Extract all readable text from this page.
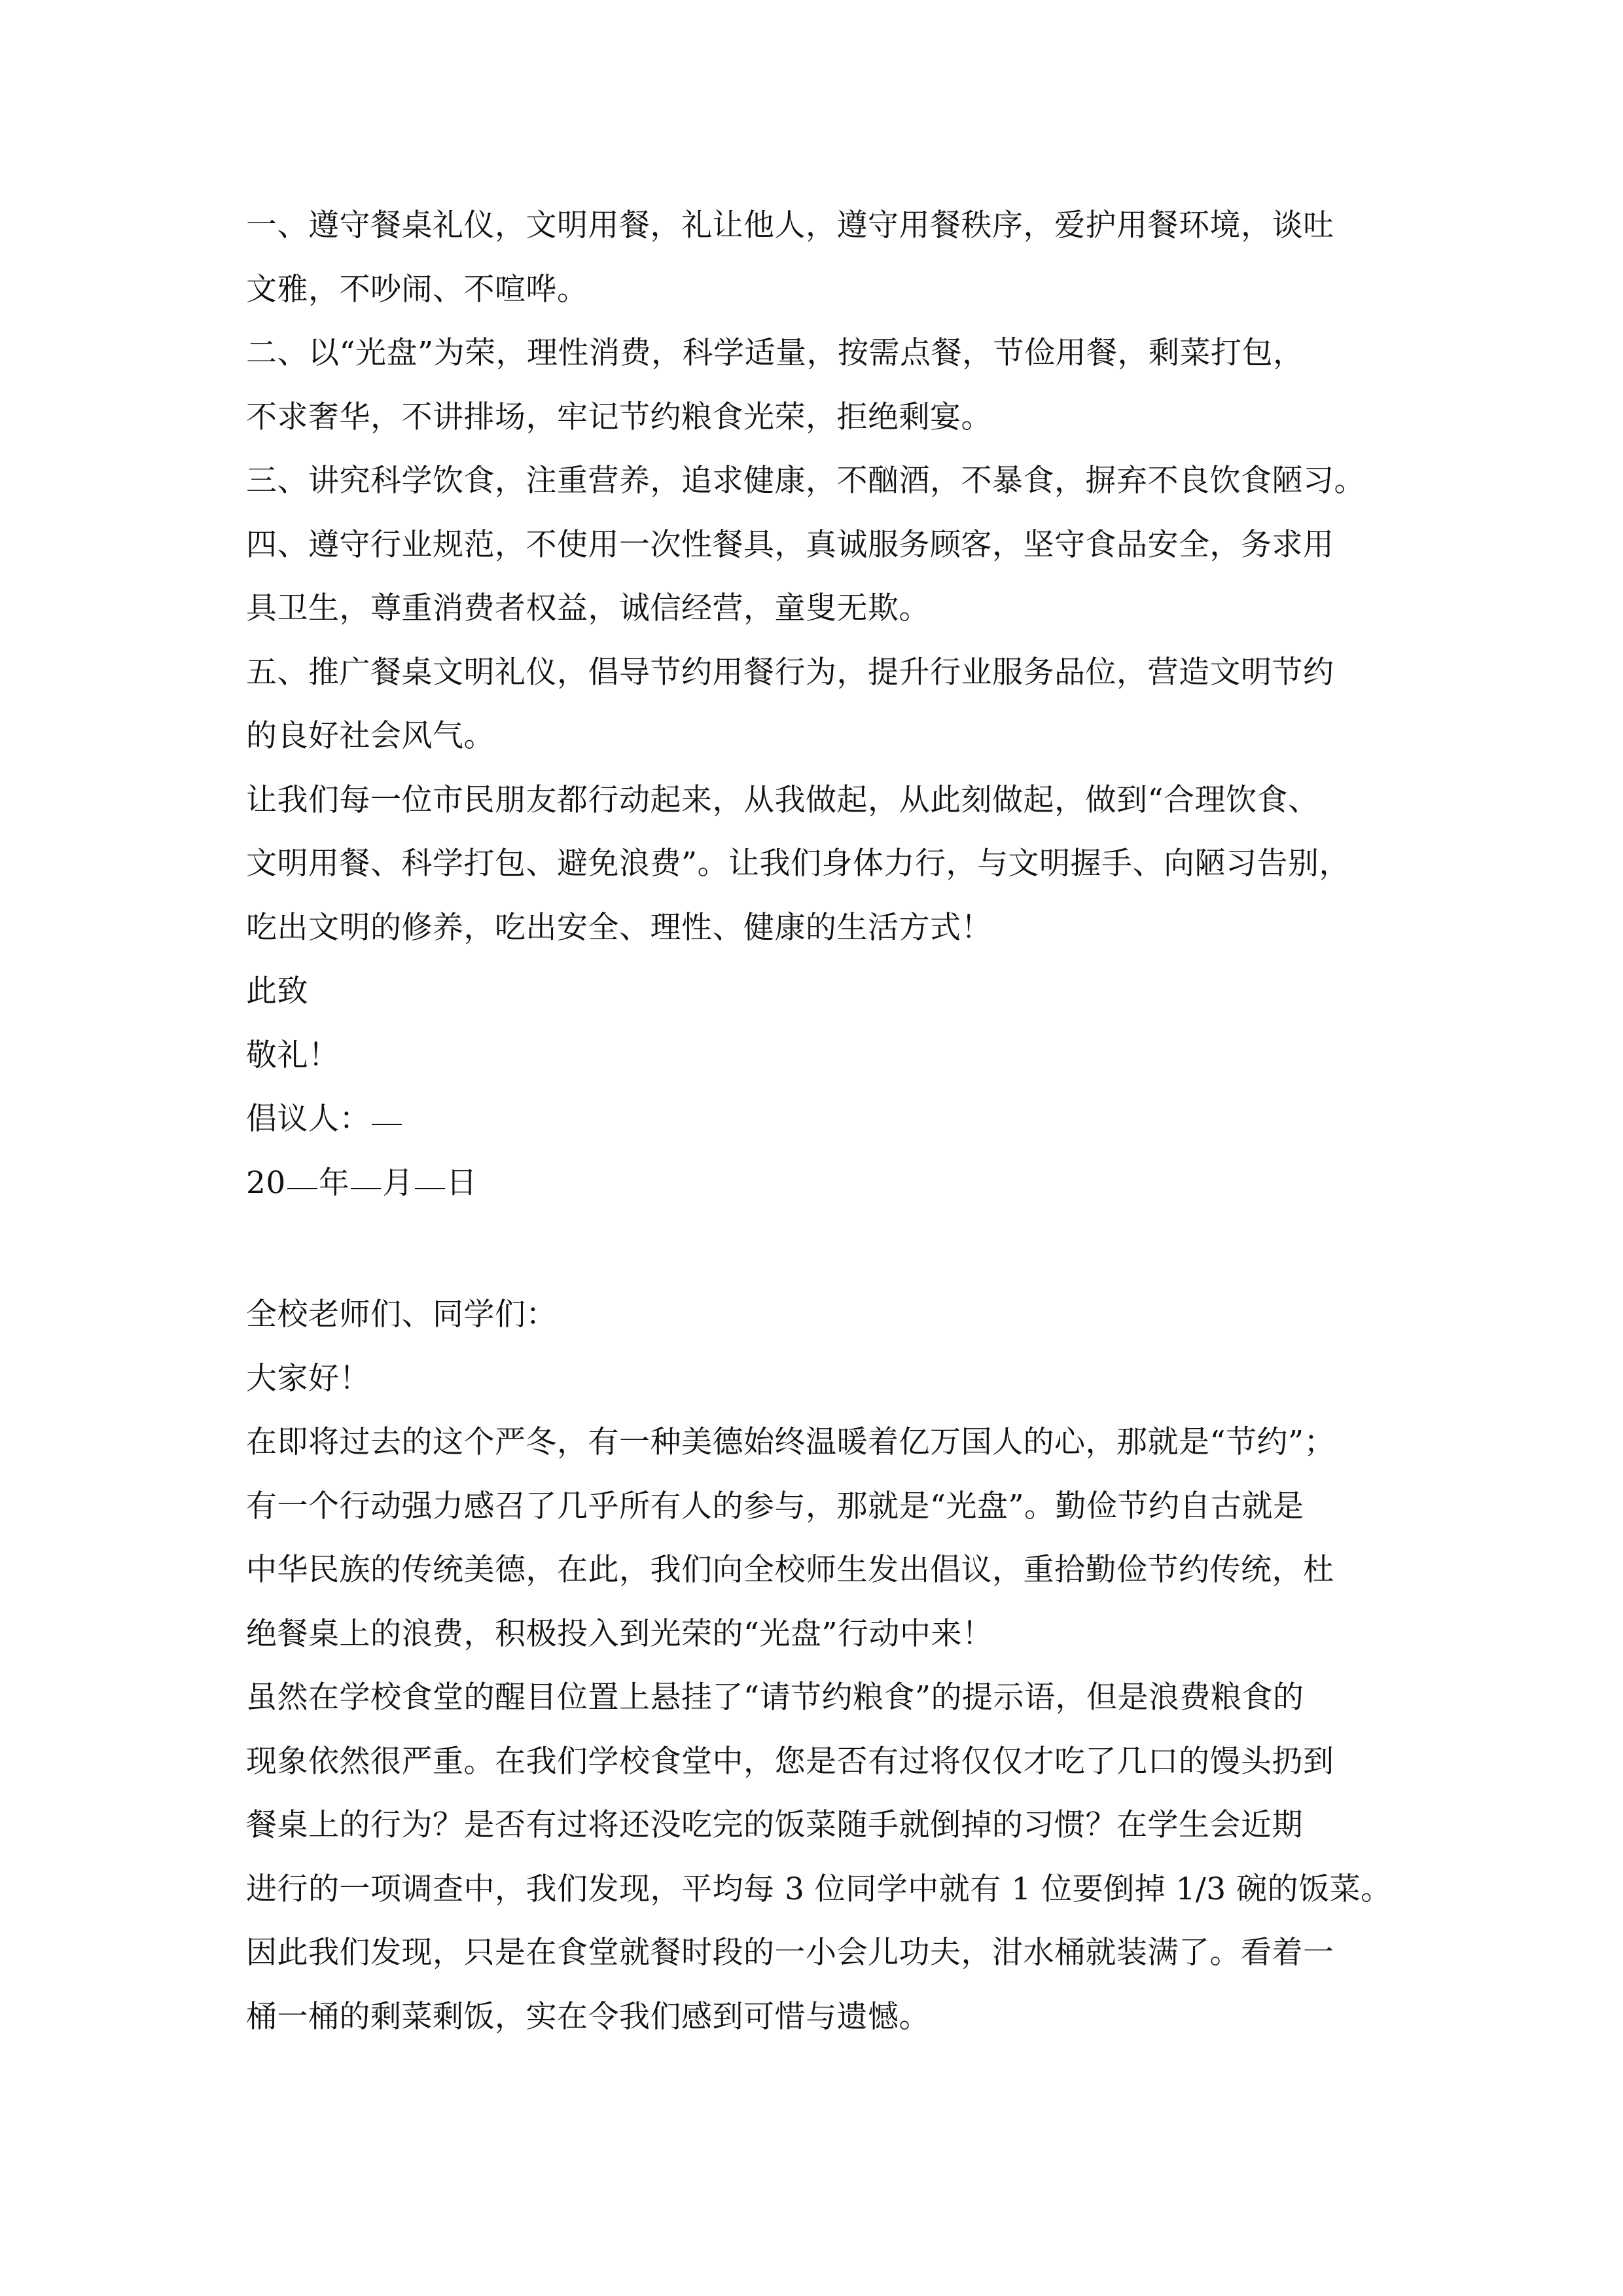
一、遵守餐桌礼仪，文明用餐，礼让他人，遵守用餐秩序，爱护用餐环境，谈吐
文雅，不吵闹、不喧哗。
二、以“光盘”为荣，理性消费，科学适量，按需点餐，节俭用餐，剩菜打包，
不求奢华，不讲排场，牢记节约粮食光荣，拒绝剩宴。
三、讲究科学饮食，注重营养，追求健康，不酗酒，不暴食，摒弃不良饮食陋习。
四、遵守行业规范，不使用一次性餐具，真诚服务顾客，坚守食品安全，务求用
具卫生，尊重消费者权益，诚信经营，童叟无欺。
五、推广餐桌文明礼仪，倡导节约用餐行为，提升行业服务品位，营造文明节约
的良好社会风气。
让我们每一位市民朋友都行动起来，从我做起，从此刻做起，做到“合理饮食、
文明用餐、科学打包、避免浪费”。让我们身体力行，与文明握手、向陋习告别，
吃出文明的修养，吃出安全、理性、健康的生活方式！
此致
敬礼！
倡议人：
20 年 月 日
全校老师们、同学们：
大家好！
在即将过去的这个严冬，有一种美德始终温暖着亿万国人的心，那就是“节约”；
有一个行动强力感召了几乎所有人的参与，那就是“光盘”。勤俭节约自古就是
中华民族的传统美德，在此，我们向全校师生发出倡议，重拾勤俭节约传统，杜
绝餐桌上的浪费，积极投入到光荣的“光盘”行动中来！
虽然在学校食堂的醒目位置上悬挂了“请节约粮食”的提示语，但是浪费粮食的
现象依然很严重。在我们学校食堂中，您是否有过将仅仅才吃了几口的馒头扔到
餐桌上的行为？是否有过将还没吃完的饭菜随手就倒掉的习惯？在学生会近期
进行的一项调查中，我们发现，平均每 3 位同学中就有 1 位要倒掉 1/3 碗的饭菜。
因此我们发现，只是在食堂就餐时段的一小会儿功夫，泔水桶就装满了。看着一
桶一桶的剩菜剩饭，实在令我们感到可惜与遗憾。
